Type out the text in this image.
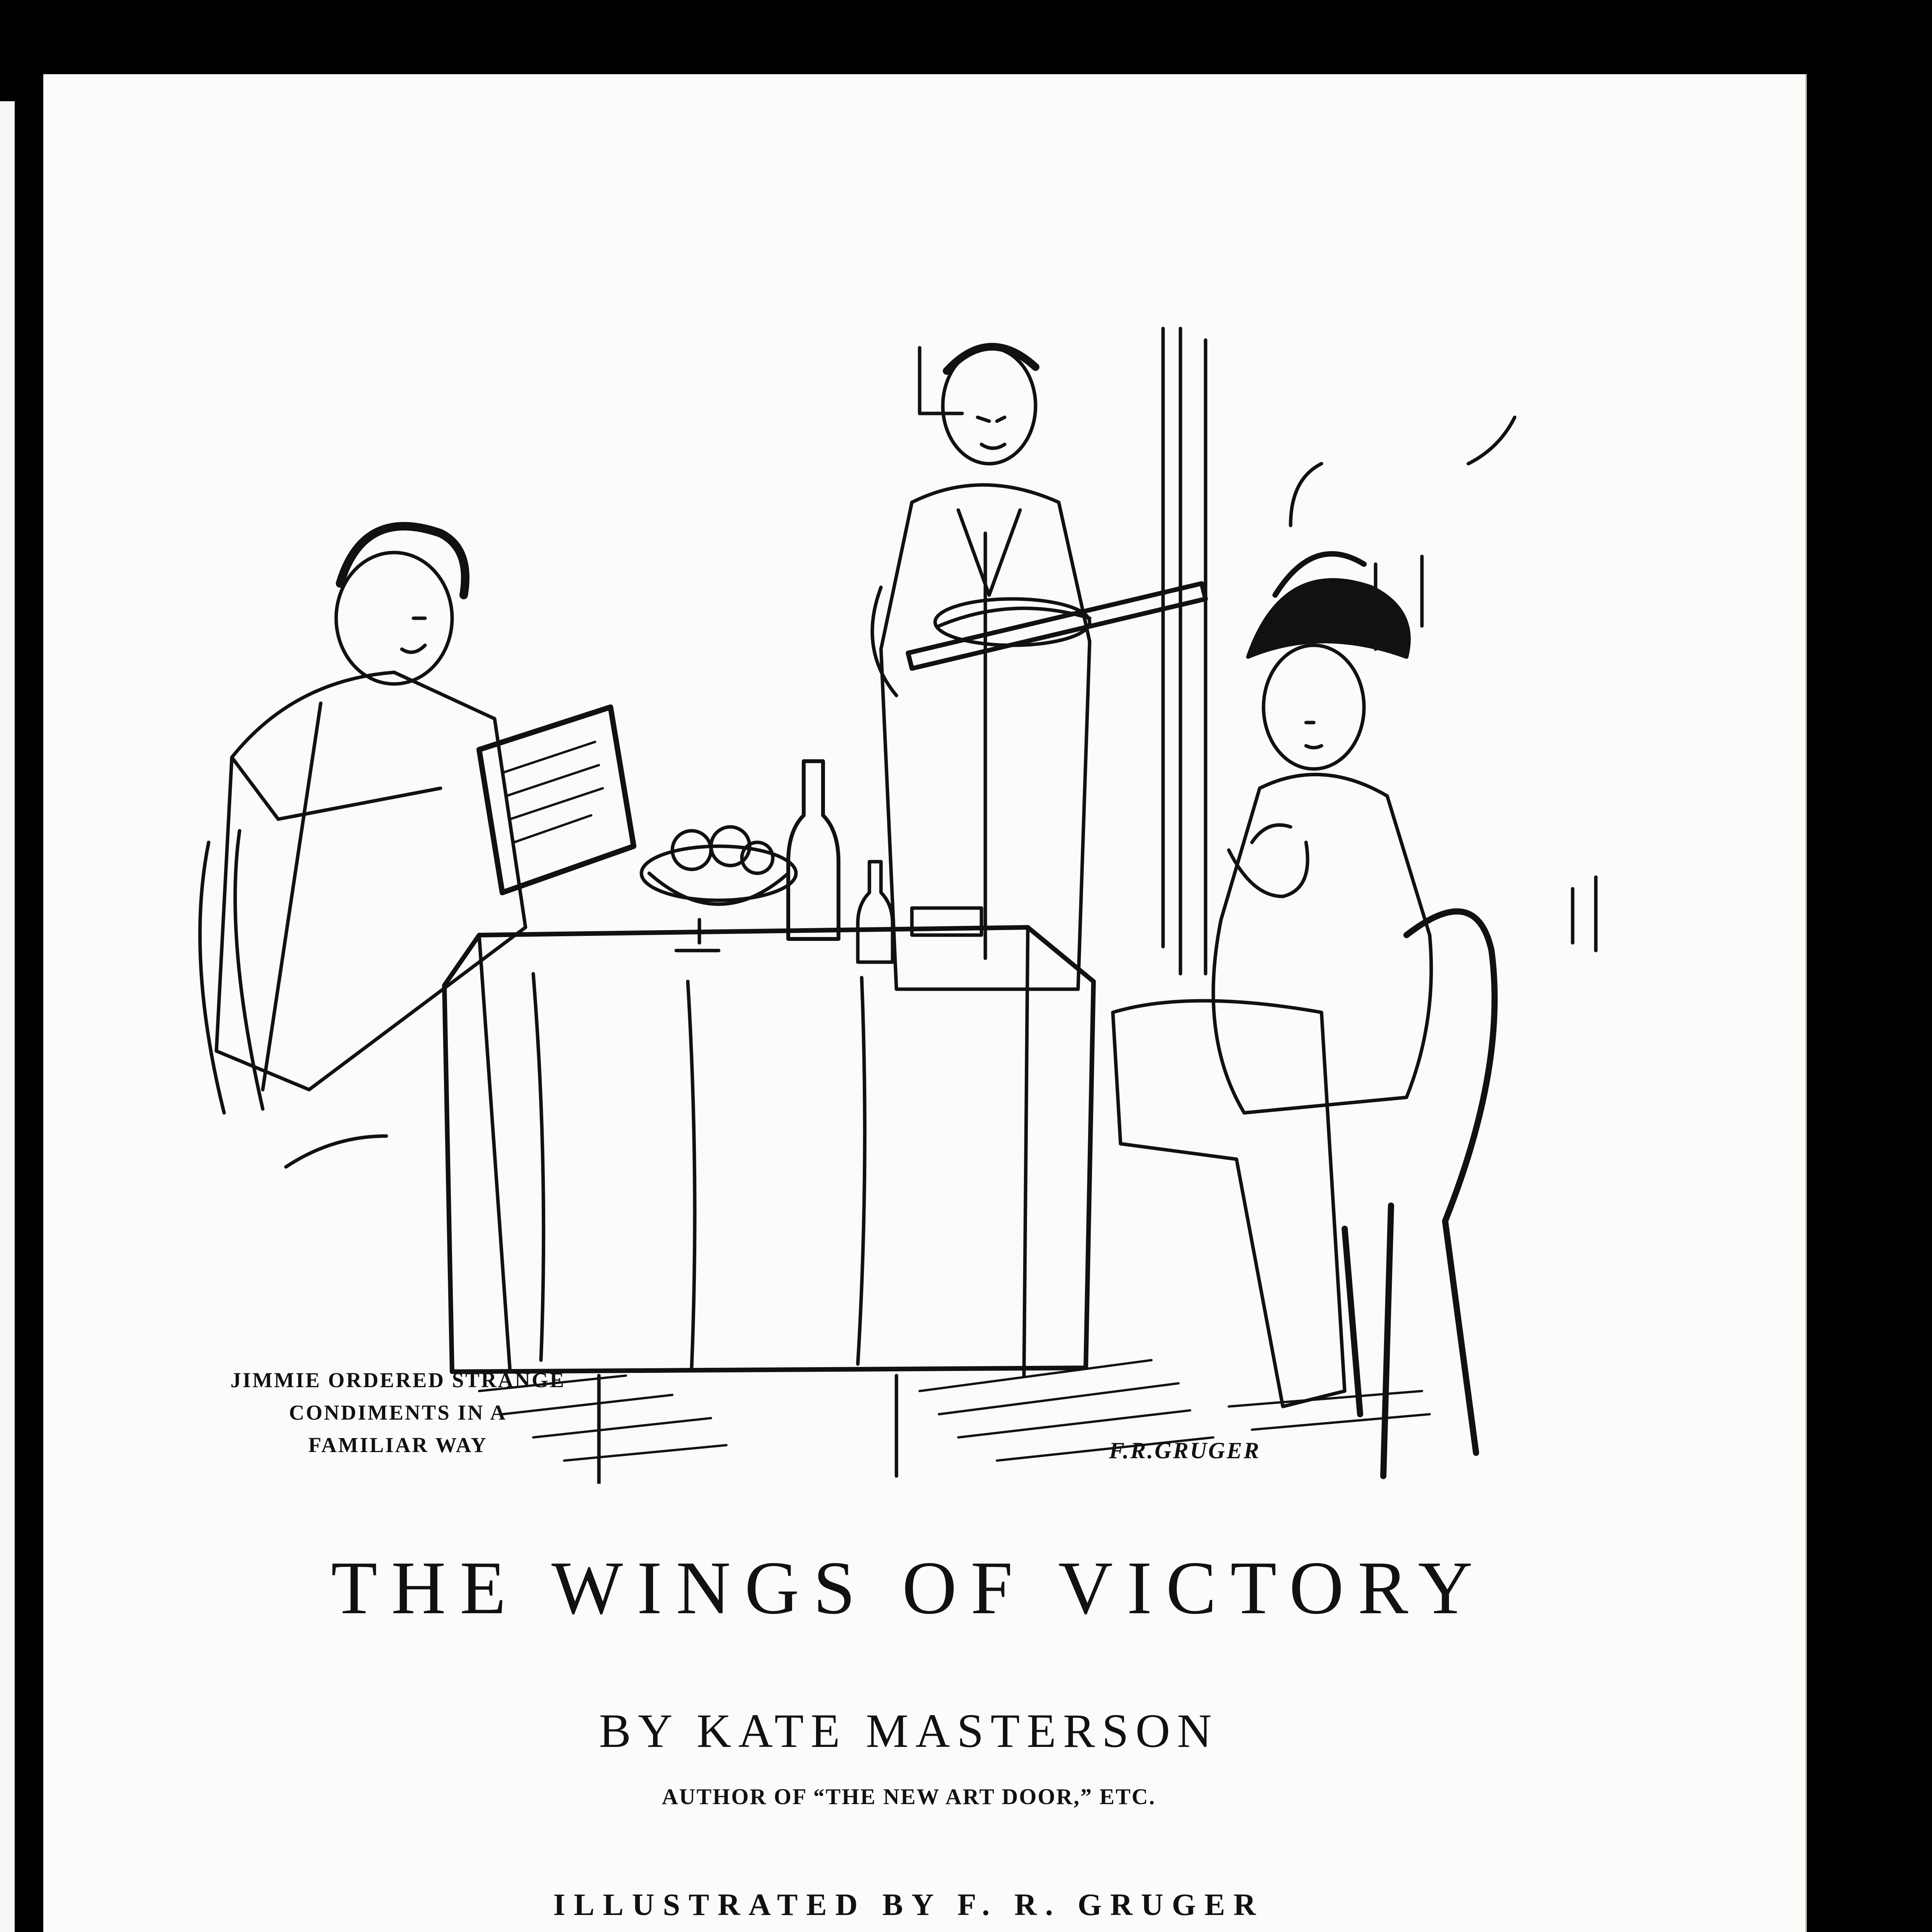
JIMMIE ORDERED STRANGE
CONDIMENTS IN A
FAMILIAR WAY	F.R.GRUGER
THE WINGS OF VICTORY
BY KATE MASTERSON
AUTHOR OF “THE NEW ART DOOR,” ETC.
ILLUSTRATED BY F. R. GRUGER
